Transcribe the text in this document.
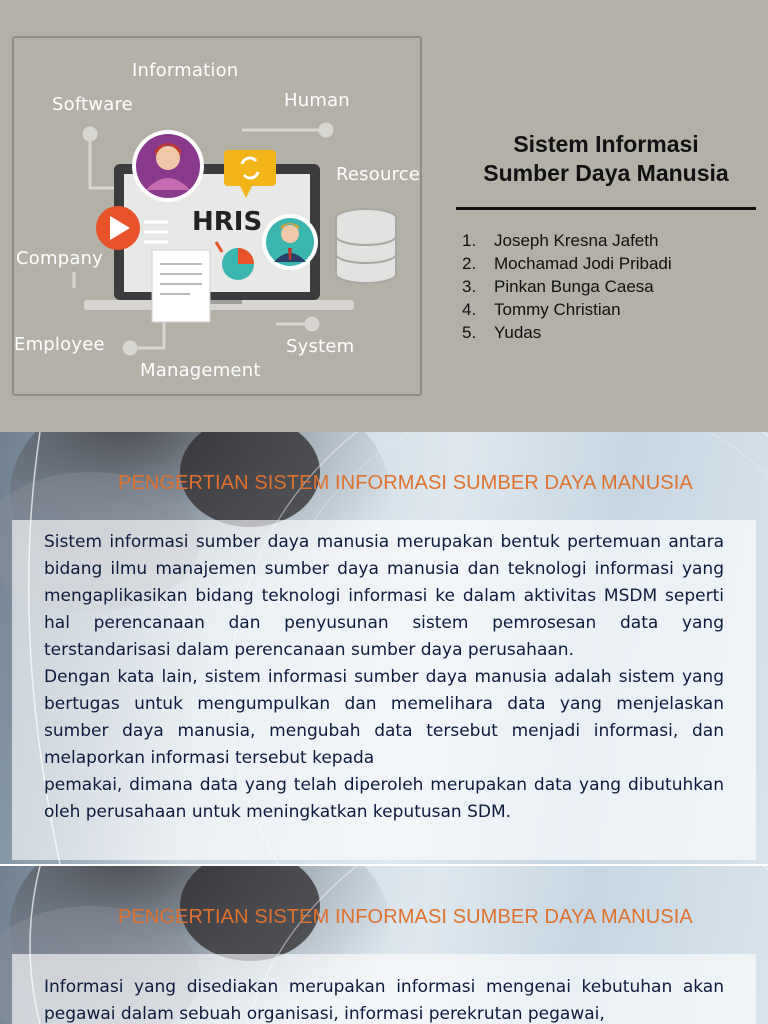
HRIS
Information
Software	Human
Resource
Company
Employee
Management
System
Sistem Informasi
Sumber Daya Manusia
1. Joseph Kresna Jafeth
2. Mochamad Jodi Pribadi
3. Pinkan Bunga Caesa
4. Tommy Christian
5. Yudas
PENGERTIAN SISTEM INFORMASI SUMBER DAYA MANUSIA

Sistem informasi sumber daya manusia merupakan bentuk pertemuan antara bidang ilmu manajemen sumber daya manusia dan teknologi informasi yang mengaplikasikan bidang teknologi informasi ke dalam aktivitas MSDM seperti hal perencanaan dan penyusunan sistem pemrosesan data yang terstandarisasi dalam perencanaan sumber daya perusahaan.

Dengan kata lain, sistem informasi sumber daya manusia adalah sistem yang bertugas untuk mengumpulkan dan memelihara data yang menjelaskan sumber daya manusia, mengubah data tersebut menjadi informasi, dan melaporkan informasi tersebut kepada

pemakai, dimana data yang telah diperoleh merupakan data yang dibutuhkan oleh perusahaan untuk meningkatkan keputusan SDM.

PENGERTIAN SISTEM INFORMASI SUMBER DAYA MANUSIA

Informasi yang disediakan merupakan informasi mengenai kebutuhan akan pegawai dalam sebuah organisasi, informasi perekrutan pegawai,
